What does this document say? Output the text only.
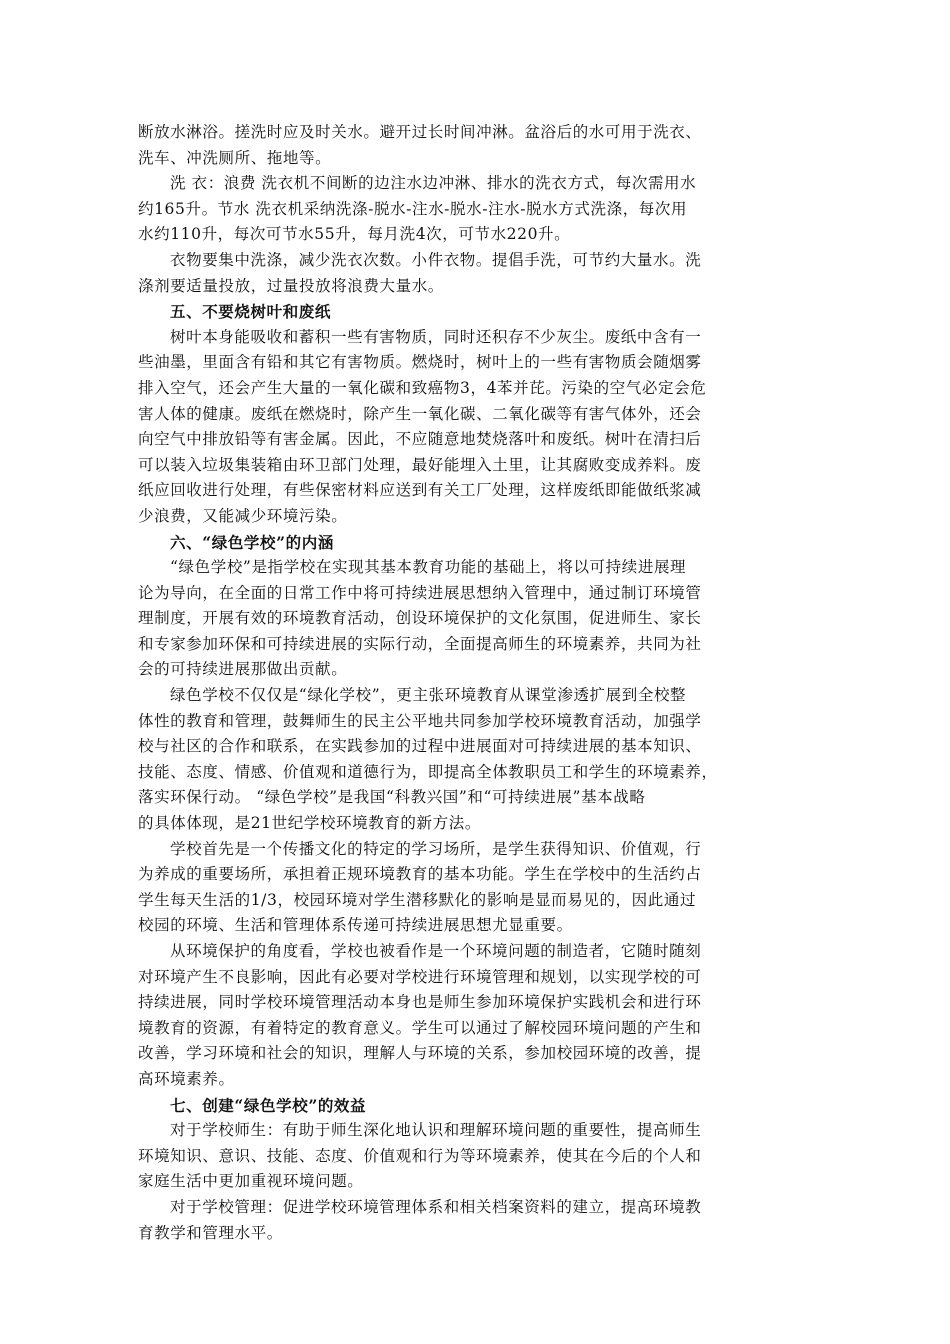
断放水淋浴。搓洗时应及时关水。避开过长时间冲淋。盆浴后的水可用于洗衣、
洗车、冲洗厕所、拖地等。

洗 衣：浪费 洗衣机不间断的边注水边冲淋、排水的洗衣方式，每次需用水
约165升。节水 洗衣机采纳洗涤-脱水-注水-脱水-注水-脱水方式洗涤，每次用
水约110升，每次可节水55升，每月洗4次，可节水220升。

衣物要集中洗涤，减少洗衣次数。小件衣物。提倡手洗，可节约大量水。洗
涤剂要适量投放，过量投放将浪费大量水。

五、不要烧树叶和废纸

树叶本身能吸收和蓄积一些有害物质，同时还积存不少灰尘。废纸中含有一
些油墨，里面含有铅和其它有害物质。燃烧时，树叶上的一些有害物质会随烟雾
排入空气，还会产生大量的一氧化碳和致癌物3，4苯并芘。污染的空气必定会危
害人体的健康。废纸在燃烧时，除产生一氧化碳、二氧化碳等有害气体外，还会
向空气中排放铅等有害金属。因此，不应随意地焚烧落叶和废纸。树叶在清扫后
可以装入垃圾集装箱由环卫部门处理，最好能埋入土里，让其腐败变成养料。废
纸应回收进行处理，有些保密材料应送到有关工厂处理，这样废纸即能做纸浆减
少浪费，又能减少环境污染。

六、“绿色学校”的内涵

“绿色学校”是指学校在实现其基本教育功能的基础上，将以可持续进展理
论为导向，在全面的日常工作中将可持续进展思想纳入管理中，通过制订环境管
理制度，开展有效的环境教育活动，创设环境保护的文化氛围，促进师生、家长
和专家参加环保和可持续进展的实际行动，全面提高师生的环境素养，共同为社
会的可持续进展那做出贡献。

绿色学校不仅仅是“绿化学校”，更主张环境教育从课堂渗透扩展到全校整
体性的教育和管理，鼓舞师生的民主公平地共同参加学校环境教育活动，加强学
校与社区的合作和联系，在实践参加的过程中进展面对可持续进展的基本知识、
技能、态度、情感、价值观和道德行为，即提高全体教职员工和学生的环境素养，
落实环保行动。 “绿色学校”是我国“科教兴国”和“可持续进展”基本战略
的具体体现，是21世纪学校环境教育的新方法。

学校首先是一个传播文化的特定的学习场所，是学生获得知识、价值观，行
为养成的重要场所，承担着正规环境教育的基本功能。学生在学校中的生活约占
学生每天生活的1/3，校园环境对学生潜移默化的影响是显而易见的，因此通过
校园的环境、生活和管理体系传递可持续进展思想尤显重要。

从环境保护的角度看，学校也被看作是一个环境问题的制造者，它随时随刻
对环境产生不良影响，因此有必要对学校进行环境管理和规划，以实现学校的可
持续进展，同时学校环境管理活动本身也是师生参加环境保护实践机会和进行环
境教育的资源，有着特定的教育意义。学生可以通过了解校园环境问题的产生和
改善，学习环境和社会的知识，理解人与环境的关系，参加校园环境的改善，提
高环境素养。

七、创建“绿色学校”的效益

对于学校师生：有助于师生深化地认识和理解环境问题的重要性，提高师生
环境知识、意识、技能、态度、价值观和行为等环境素养，使其在今后的个人和
家庭生活中更加重视环境问题。

对于学校管理：促进学校环境管理体系和相关档案资料的建立，提高环境教
育教学和管理水平。
